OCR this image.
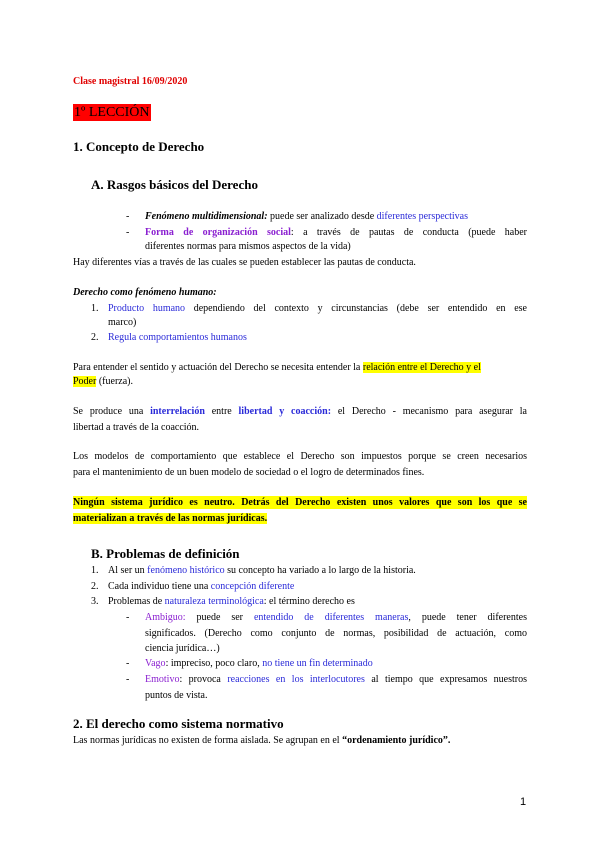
Clase magistral 16/09/2020
1º LECCIÓN
1. Concepto de Derecho
A. Rasgos básicos del Derecho
- Fenómeno multidimensional: puede ser analizado desde diferentes perspectivas
- Forma de organización social: a través de pautas de conducta (puede haber
diferentes normas para mismos aspectos de la vida)
Hay diferentes vías a través de las cuales se pueden establecer las pautas de conducta.
Derecho como fenómeno humano:
1. Producto humano dependiendo del contexto y circunstancias (debe ser entendido en ese
marco)
2. Regula comportamientos humanos
Para entender el sentido y actuación del Derecho se necesita entender la relación entre el Derecho y el
Poder (fuerza).
Se produce una interrelación entre libertad y coacción: el Derecho - mecanismo para asegurar la
libertad a través de la coacción.
Los modelos de comportamiento que establece el Derecho son impuestos porque se creen necesarios
para el mantenimiento de un buen modelo de sociedad o el logro de determinados fines.
Ningún sistema jurídico es neutro. Detrás del Derecho existen unos valores que son los que se
materializan a través de las normas jurídicas.
B. Problemas de definición
1. Al ser un fenómeno histórico su concepto ha variado a lo largo de la historia.
2. Cada individuo tiene una concepción diferente
3. Problemas de naturaleza terminológica: el término derecho es
- Ambiguo: puede ser entendido de diferentes maneras, puede tener diferentes
significados. (Derecho como conjunto de normas, posibilidad de actuación, como
ciencia jurídica…)
- Vago: impreciso, poco claro, no tiene un fin determinado
- Emotivo: provoca reacciones en los interlocutores al tiempo que expresamos nuestros
puntos de vista.
2. El derecho como sistema normativo
Las normas jurídicas no existen de forma aislada. Se agrupan en el “ordenamiento jurídico”.
1
